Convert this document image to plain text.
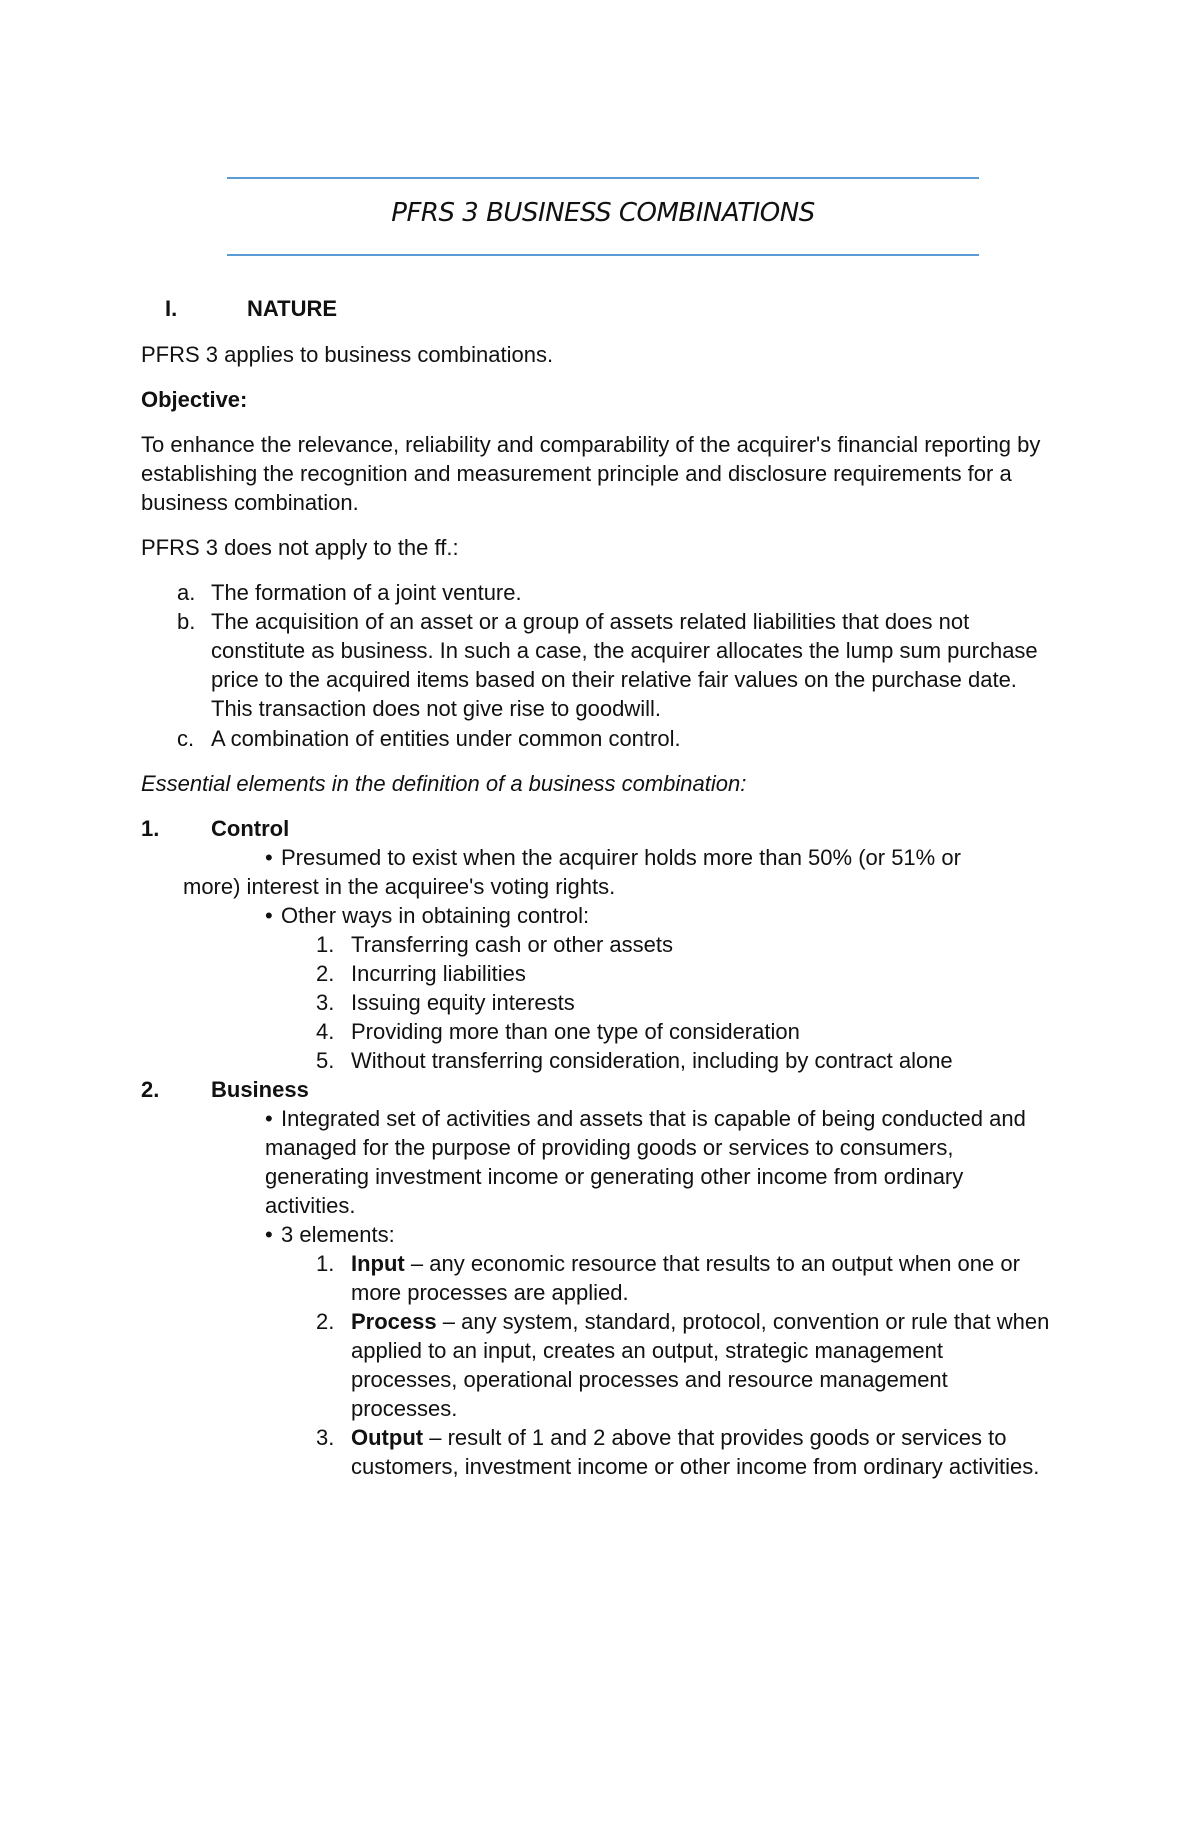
PFRS 3 BUSINESS COMBINATIONS
I.	NATURE
PFRS 3 applies to business combinations.
Objective:
To enhance the relevance, reliability and comparability of the acquirer's financial reporting by establishing the recognition and measurement principle and disclosure requirements for a business combination.
PFRS 3 does not apply to the ff.:
a. The formation of a joint venture.
b. The acquisition of an asset or a group of assets related liabilities that does not constitute as business. In such a case, the acquirer allocates the lump sum purchase price to the acquired items based on their relative fair values on the purchase date. This transaction does not give rise to goodwill.
c. A combination of entities under common control.
Essential elements in the definition of a business combination:
1. Control
• Presumed to exist when the acquirer holds more than 50% (or 51% or
more) interest in the acquiree's voting rights.
• Other ways in obtaining control:
1. Transferring cash or other assets
2. Incurring liabilities
3. Issuing equity interests
4. Providing more than one type of consideration
5. Without transferring consideration, including by contract alone
2. Business
• Integrated set of activities and assets that is capable of being conducted and managed for the purpose of providing goods or services to consumers, generating investment income or generating other income from ordinary activities.
• 3 elements:
1. Input – any economic resource that results to an output when one or more processes are applied.
2. Process – any system, standard, protocol, convention or rule that when applied to an input, creates an output, strategic management processes, operational processes and resource management processes.
3. Output – result of 1 and 2 above that provides goods or services to customers, investment income or other income from ordinary activities.
